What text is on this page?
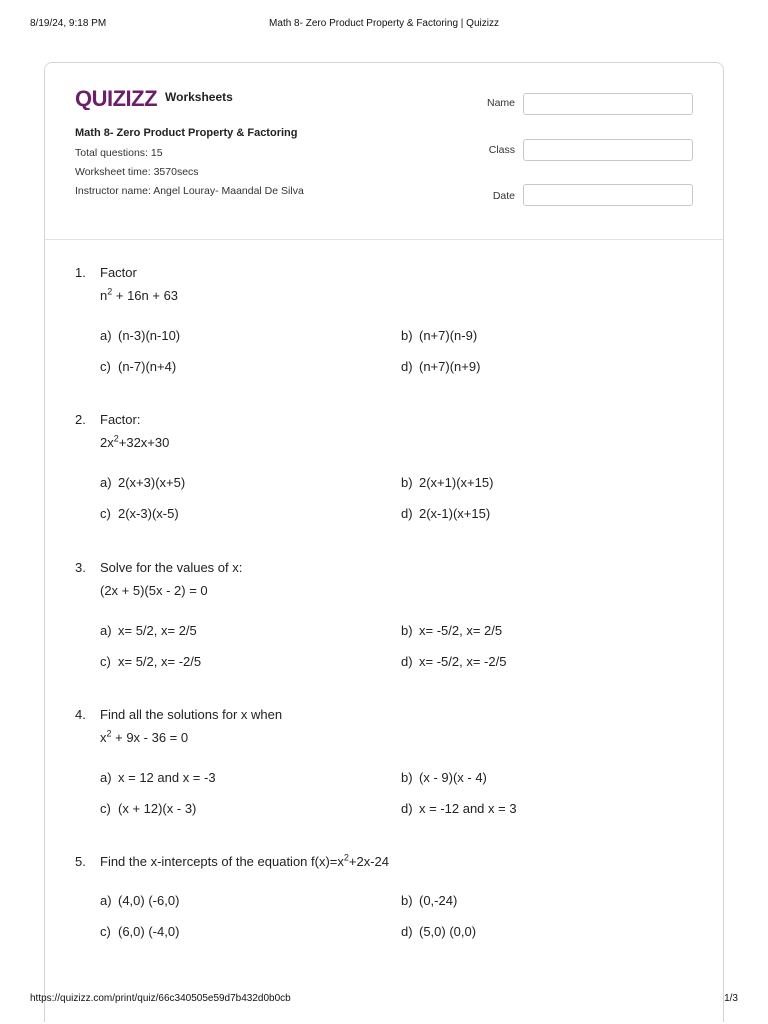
8/19/24, 9:18 PM	Math 8- Zero Product Property & Factoring | Quizizz
QUIZIZZ Worksheets
Math 8- Zero Product Property & Factoring
Total questions: 15
Worksheet time: 3570secs
Instructor name: Angel Louray- Maandal De Silva
Name
Class
Date
1. Factor
$n^2 + 16n + 63$
a) (n-3)(n-10)	b) (n+7)(n-9)
c) (n-7)(n+4)	d) (n+7)(n+9)
2. Factor:
$2x^2+32x+30$
a) 2(x+3)(x+5)	b) 2(x+1)(x+15)
c) 2(x-3)(x-5)	d) 2(x-1)(x+15)
3. Solve for the values of x:
(2x + 5)(5x - 2) = 0
a) x= 5/2, x= 2/5	b) x= -5/2, x= 2/5
c) x= 5/2, x= -2/5	d) x= -5/2, x= -2/5
4. Find all the solutions for x when
$x^2 + 9x - 36 = 0$
a) x = 12 and x = -3	b) (x - 9)(x - 4)
c) (x + 12)(x - 3)	d) x = -12 and x = 3
5. Find the x-intercepts of the equation $f(x)=x^2+2x-24$
a) (4,0) (-6,0)	b) (0,-24)
c) (6,0) (-4,0)	d) (5,0) (0,0)
https://quizizz.com/print/quiz/66c340505e59d7b432d0b0cb	1/3
